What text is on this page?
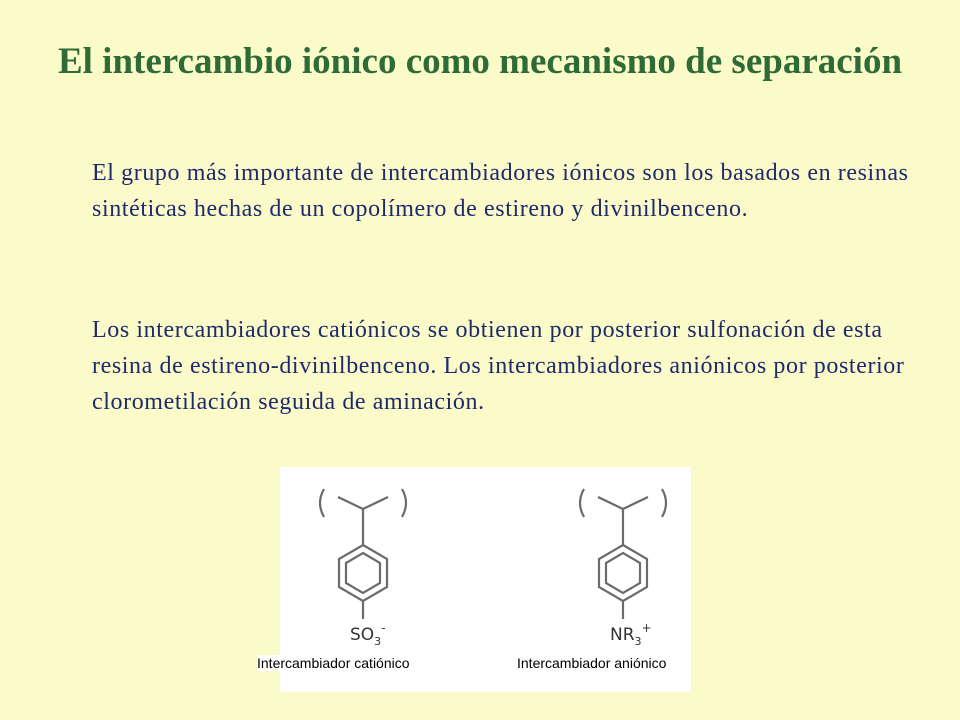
El intercambio iónico como mecanismo de separación
El grupo más importante de intercambiadores iónicos son los basados en resinas sintéticas hechas de un copolímero de estireno y divinilbenceno.
Los intercambiadores catiónicos se obtienen por posterior sulfonación de esta resina de estireno-divinilbenceno. Los intercambiadores aniónicos por posterior clorometilación seguida de aminación.
$SO_3^-$	$NR_3^+$
Intercambiador catiónico	Intercambiador aniónico
